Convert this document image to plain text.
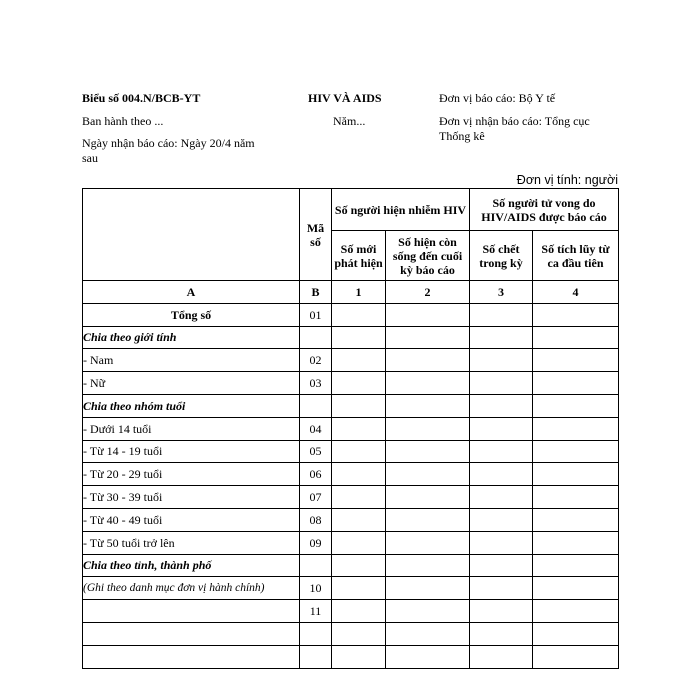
Biểu số 004.N/BCB-YT
Ban hành theo ...
Ngày nhận báo cáo: Ngày 20/4 năm sau
HIV VÀ AIDS
Năm...
Đơn vị báo cáo: Bộ Y tế
Đơn vị nhận báo cáo: Tổng cục Thống kê
Đơn vị tính: người
	Mã số	Số người hiện nhiễm HIV		Số người tử vong do HIV/AIDS được báo cáo	
		Số mới phát hiện	Số hiện còn sống đến cuối kỳ báo cáo	Số chết trong kỳ	Số tích lũy từ ca đầu tiên
A	B	1	2	3	4
Tổng số	01				
Chia theo giới tính					
- Nam	02				
- Nữ	03				
Chia theo nhóm tuổi					
- Dưới 14 tuổi	04				
- Từ 14 - 19 tuổi	05				
- Từ 20 - 29 tuổi	06				
- Từ 30 - 39 tuổi	07				
- Từ 40 - 49 tuổi	08				
- Từ 50 tuổi trở lên	09				
Chia theo tỉnh, thành phố					
(Ghi theo danh mục đơn vị hành chính)	10				
	11				
